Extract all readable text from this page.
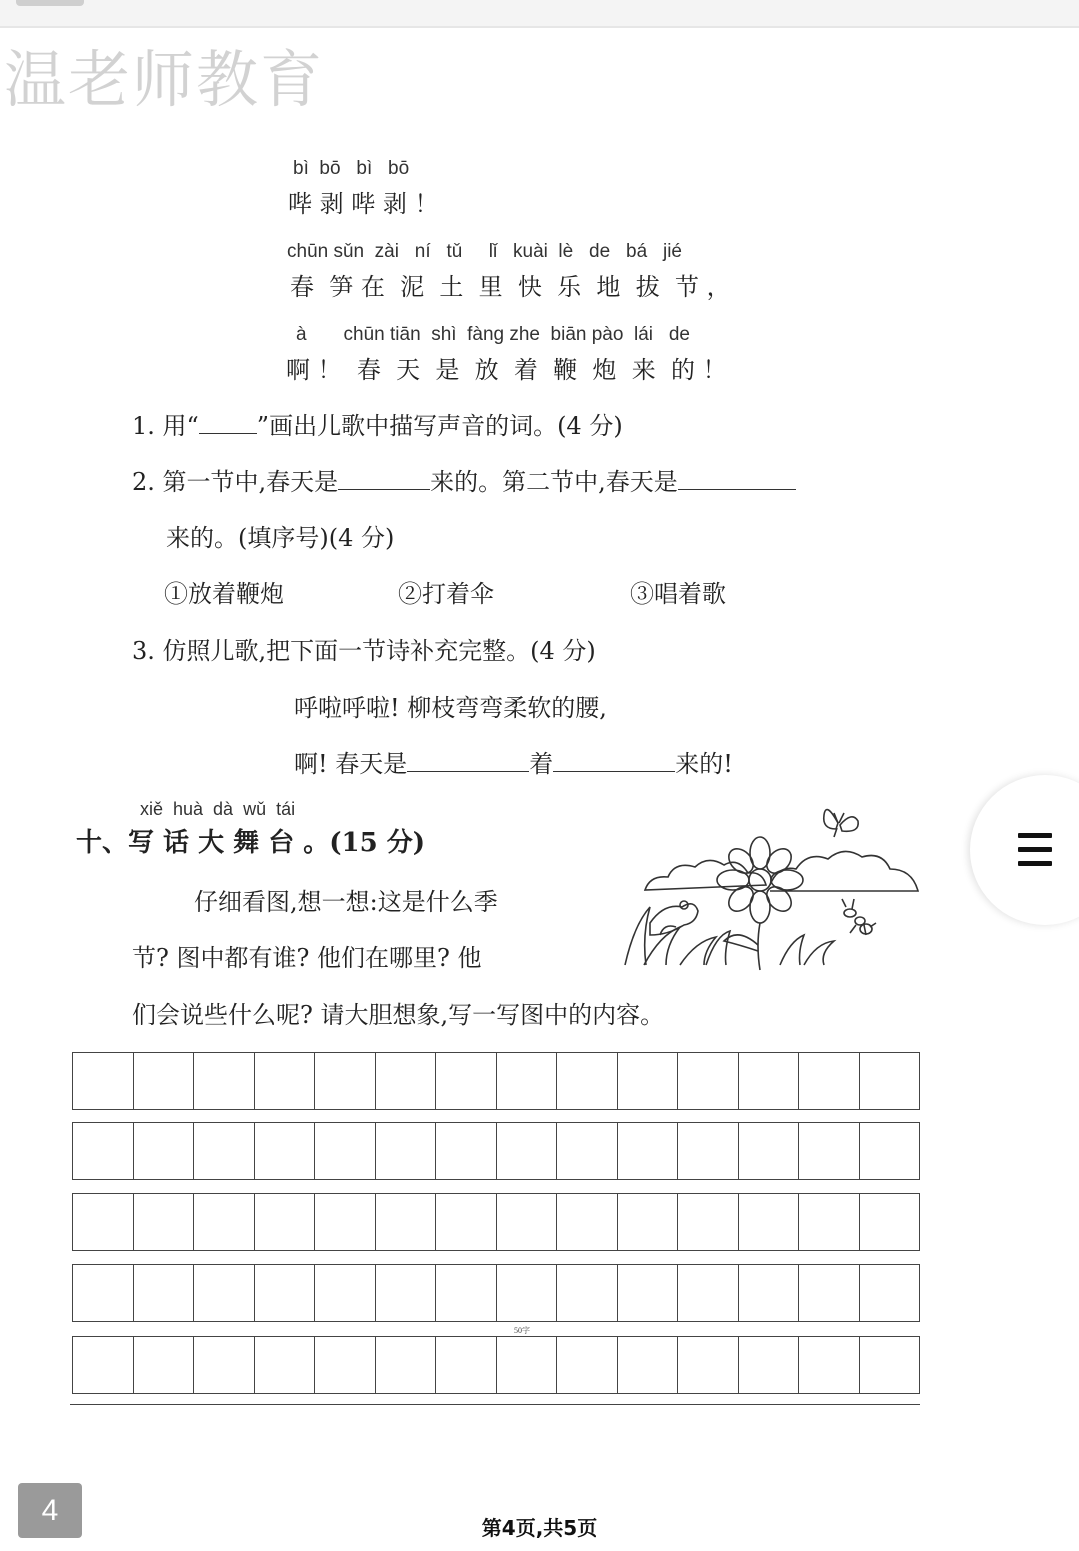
温老师教育
bì  bō   bì   bō
哔 剥 哔 剥 ！
chūn sǔn  zài   ní   tǔ     lǐ   kuài  lè   de   bá   jié
春  笋 在  泥  土  里  快  乐  地  拔  节 ，
à       chūn tiān  shì  fàng zhe  biān pào  lái   de
啊 ！  春  天  是  放  着  鞭  炮  来  的 ！
1. 用“ ”画出儿歌中描写声音的词。(4 分)
2. 第一节中,春天是	来的。第二节中,春天是
来的。(填序号)(4 分)
①放着鞭炮	②打着伞	③唱着歌
3. 仿照儿歌,把下面一节诗补充完整。(4 分)
呼啦呼啦! 柳枝弯弯柔软的腰,
啊! 春天是	着	来的!
xiě  huà  dà  wǔ  tái
十、写 话 大 舞 台 。(15 分)
仔细看图,想一想:这是什么季
节? 图中都有谁? 他们在哪里? 他
们会说些什么呢? 请大胆想象,写一写图中的内容。
50字
4
第4页,共5页
